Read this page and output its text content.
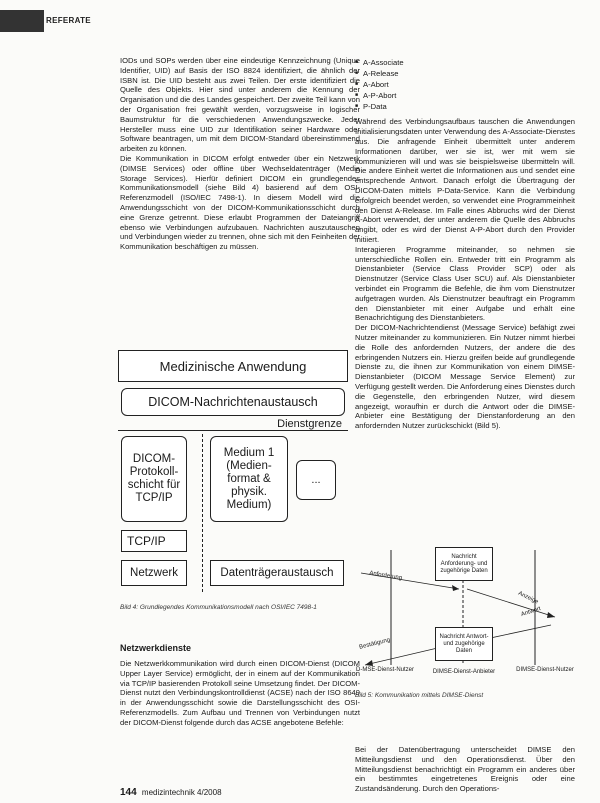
REFERATE

IODs und SOPs werden über eine eindeutige Kennzeichnung (Unique Identifier, UID) auf Basis der ISO 8824 identifiziert, die ähnlich der ISBN ist. Die UID besteht aus zwei Teilen. Der erste identifiziert die Quelle des Objekts. Hier sind unter anderem die Kennung der Organisation und die des Landes gespeichert. Der zweite Teil kann von der Organisation frei gewählt werden, vorzugsweise in logischer Baumstruktur für die verschiedenen Anwendungszwecke. Jeder Hersteller muss eine UID zur Identifikation seiner Hardware oder Software beantragen, um mit dem DICOM-Standard übereinstimmend arbeiten zu können.

Die Kommunikation in DICOM erfolgt entweder über ein Netzwerk (DIMSE Services) oder offline über Wechseldatenträger (Media Storage Services). Hierfür definiert DICOM ein grundlegendes Kommunikationsmodell (siehe Bild 4) basierend auf dem OSI-Referenzmodell (ISO/IEC 7498-1). In diesem Modell wird die Anwendungsschicht von der DICOM-Kommunikationsschicht durch eine Grenze getrennt. Diese erlaubt Programmen der Dateiangriff ebenso wie Verbindungen aufzubauen. Nachrichten auszutauschen und Verbindungen wieder zu trennen, ohne sich mit den Feinheiten der Kommunikation beschäftigen zu müssen.

Medizinische Anwendung
DICOM-Nachrichtenaustausch
Dienstgrenze
DICOM-Protokoll-schicht für TCP/IP
Medium 1 (Medien-format & physik. Medium)
...
TCP/IP
Netzwerk	Datenträgeraustausch
Bild 4: Grundlegendes Kommunikationsmodell nach OSI/IEC 7498-1
Netzwerkdienste
Die Netzwerkkommunikation wird durch einen DICOM-Dienst (DICOM Upper Layer Service) ermöglicht, der in einem auf der Kommunikation via TCP/IP basierenden Protokoll seine Umsetzung findet. Der DICOM-Dienst nutzt den Verbindungskontrolldienst (ACSE) nach der ISO 8649 in der Anwendungsschicht sowie die Darstellungsschicht des OSI-Referenzmodells. Zum Aufbau und Trennen von Verbindungen nutzt der DICOM-Dienst folgende durch das ACSE angebotene Befehle:
■ A-Associate
■ A-Release
■ A-Abort
■ A-P-Abort
■ P-Data

Während des Verbindungsaufbaus tauschen die Anwendungen Initialisierungsdaten unter Verwendung des A-Associate-Dienstes aus. Die anfragende Einheit übermittelt unter anderem Informationen darüber, wer sie ist, wer mit wem sie kommunizieren will und was sie beispielsweise übermitteln will. Die andere Einheit wertet die Informationen aus und sendet eine entsprechende Antwort. Danach erfolgt die Übertragung der DICOM-Daten mittels P-Data-Service. Kann die Verbindung erfolgreich beendet werden, so verwendet eine Programmeinheit den Dienst A-Release. Im Falle eines Abbruchs wird der Dienst A-Abort verwendet, der unter anderem die Quelle des Abbruchs angibt, oder es wird der Dienst A-P-Abort durch den Provider initiiert.

Interagieren Programme miteinander, so nehmen sie unterschiedliche Rollen ein. Entweder tritt ein Programm als Dienstanbieter (Service Class Provider SCP) oder als Dienstnutzer (Service Class User SCU) auf. Als Dienstanbieter verbindet ein Programm die Befehle, die ihm vom Dienstnutzer aufgetragen wurden. Als Dienstnutzer beauftragt ein Programm den Dienstanbieter mit einer Aufgabe und erhält eine Benachrichtigung des Dienstanbieters.

Der DICOM-Nachrichtendienst (Message Service) befähigt zwei Nutzer miteinander zu kommunizieren. Ein Nutzer nimmt hierbei die Rolle des anfordernden Nutzers, der andere die des erbringenden Nutzers ein. Hierzu greifen beide auf grundlegende Dienste zu, die ihnen zur Kommunikation von einem DIMSE-Dienstanbieter (DICOM Message Service Element) zur Verfügung gestellt werden. Die Anforderung eines Dienstes durch die Gegenstelle, den erbringenden Nutzer, wird diesem angezeigt, woraufhin er durch die Antwort oder die DIMSE-Anbieter eine Bestätigung der Dienstanforderung an den anfordernden Nutzer zurückschickt (Bild 5).

Nachricht Anforderung- und zugehörige Daten
Nachricht Antwort- und zugehörige Daten
Anforderung
Anzeige
Antwort
Bestätigung
D-MSE-Dienst-Nutzer	DIMSE-Dienst-Anbieter	DIMSE-Dienst-Nutzer
Bild 5: Kommunikation mittels DIMSE-Dienst
Bei der Datenübertragung unterscheidet DIMSE den Mitteilungsdienst und den Operationsdienst. Über den Mitteilungsdienst benachrichtigt ein Programm ein anderes über ein bestimmtes eingetretenes Ereignis oder eine Zustandsänderung. Durch den Operations-
144 medizintechnik 4/2008
